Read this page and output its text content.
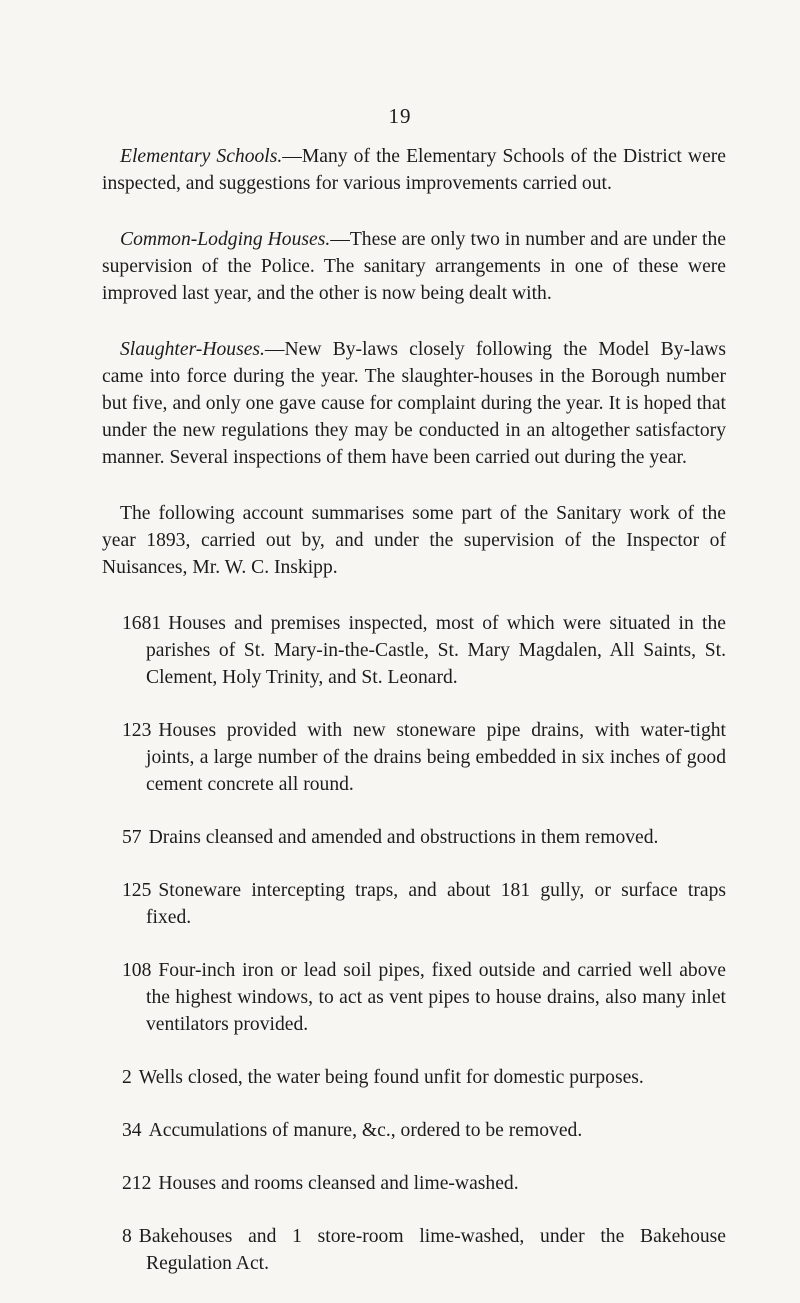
19

Elementary Schools.—Many of the Elementary Schools of the District were inspected, and suggestions for various improvements carried out.

Common-Lodging Houses.—These are only two in number and are under the supervision of the Police. The sanitary arrangements in one of these were improved last year, and the other is now being dealt with.

Slaughter-Houses.—New By-laws closely following the Model By-laws came into force during the year. The slaughter-houses in the Borough number but five, and only one gave cause for complaint during the year. It is hoped that under the new regulations they may be conducted in an altogether satisfactory manner. Several inspections of them have been carried out during the year.

The following account summarises some part of the Sanitary work of the year 1893, carried out by, and under the supervision of the Inspector of Nuisances, Mr. W. C. Inskipp.

1681 Houses and premises inspected, most of which were situated in the parishes of St. Mary-in-the-Castle, St. Mary Magdalen, All Saints, St. Clement, Holy Trinity, and St. Leonard.
123 Houses provided with new stoneware pipe drains, with water-tight joints, a large number of the drains being embedded in six inches of good cement concrete all round.
57 Drains cleansed and amended and obstructions in them removed.
125 Stoneware intercepting traps, and about 181 gully, or surface traps fixed.
108 Four-inch iron or lead soil pipes, fixed outside and carried well above the highest windows, to act as vent pipes to house drains, also many inlet ventilators provided.
2 Wells closed, the water being found unfit for domestic purposes.
34 Accumulations of manure, &c., ordered to be removed.
212 Houses and rooms cleansed and lime-washed.
8 Bakehouses and 1 store-room lime-washed, under the Bakehouse Regulation Act.
